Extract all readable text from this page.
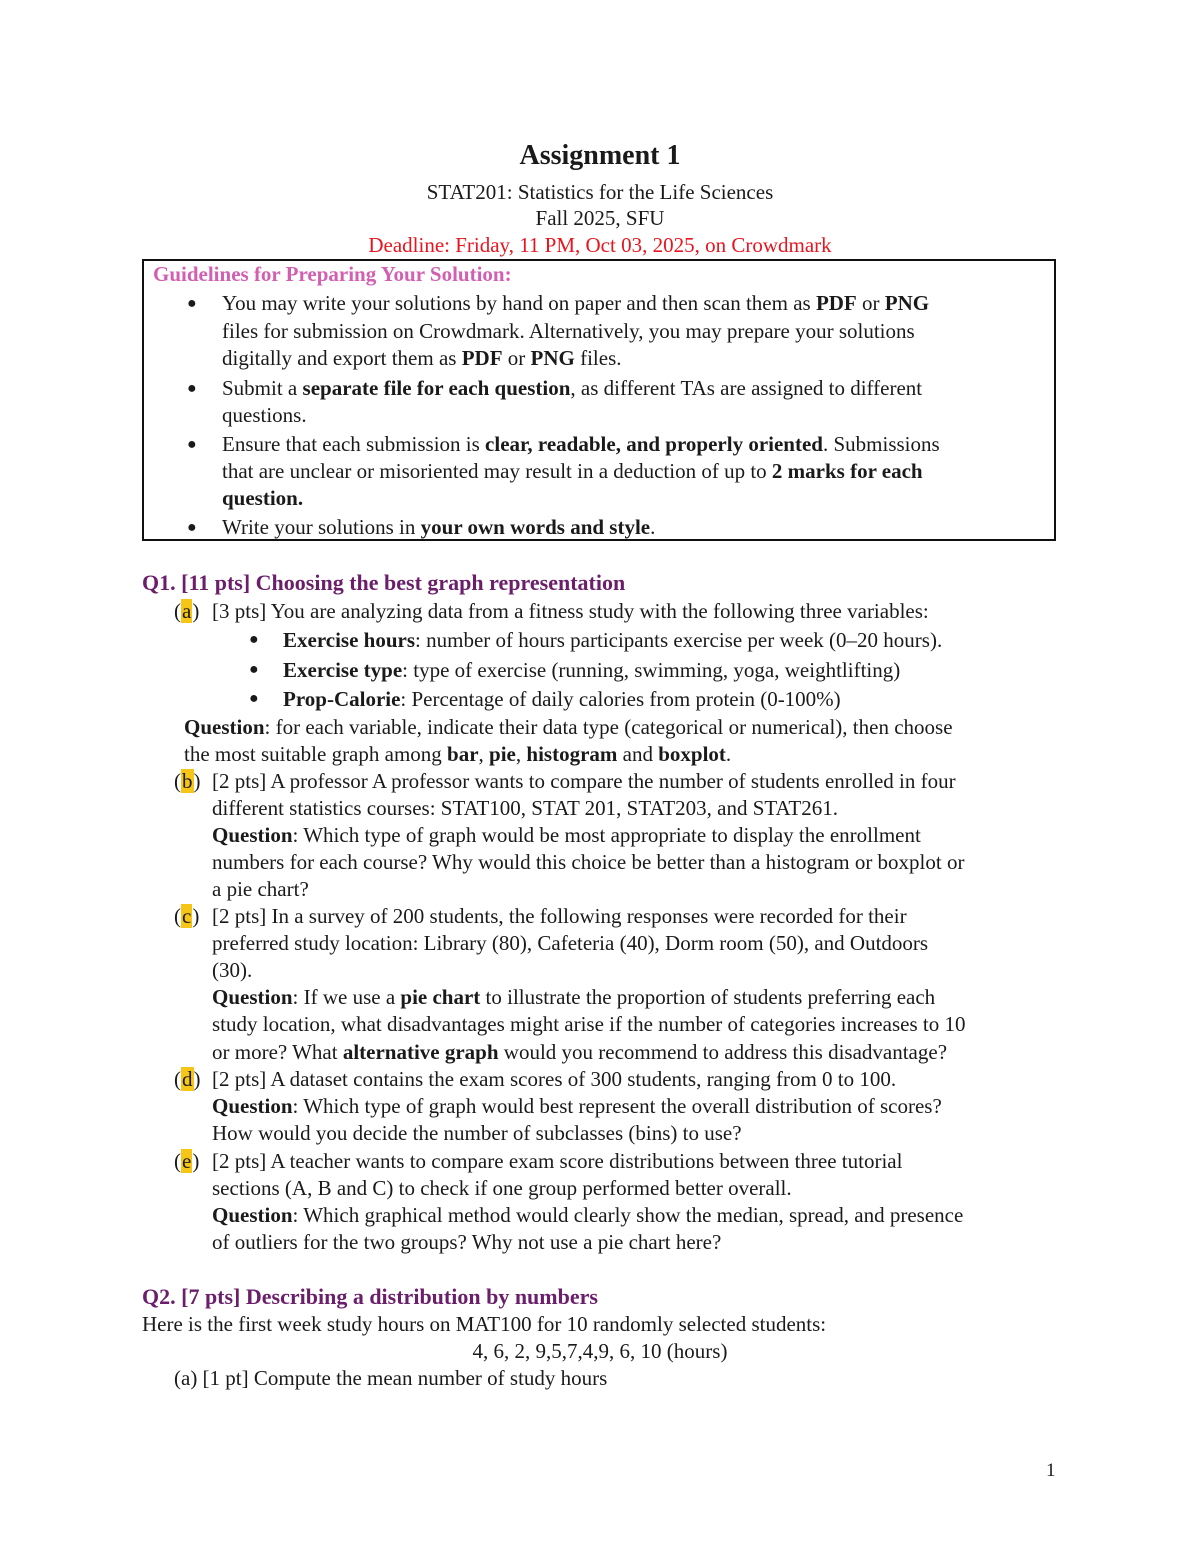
Assignment 1
STAT201: Statistics for the Life Sciences
Fall 2025, SFU
Deadline: Friday, 11 PM, Oct 03, 2025, on Crowdmark
Guidelines for Preparing Your Solution:
● You may write your solutions by hand on paper and then scan them as PDF or PNG
files for submission on Crowdmark. Alternatively, you may prepare your solutions
digitally and export them as PDF or PNG files.
● Submit a separate file for each question, as different TAs are assigned to different
questions.
● Ensure that each submission is clear, readable, and properly oriented. Submissions
that are unclear or misoriented may result in a deduction of up to 2 marks for each
question.
● Write your solutions in your own words and style.
Q1. [11 pts] Choosing the best graph representation
(a) [3 pts] You are analyzing data from a fitness study with the following three variables:
● Exercise hours: number of hours participants exercise per week (0–20 hours).
● Exercise type: type of exercise (running, swimming, yoga, weightlifting)
● Prop-Calorie: Percentage of daily calories from protein (0-100%)
Question: for each variable, indicate their data type (categorical or numerical), then choose
the most suitable graph among bar, pie, histogram and boxplot.
(b) [2 pts] A professor A professor wants to compare the number of students enrolled in four
different statistics courses: STAT100, STAT 201, STAT203, and STAT261.
Question: Which type of graph would be most appropriate to display the enrollment
numbers for each course? Why would this choice be better than a histogram or boxplot or
a pie chart?
(c) [2 pts] In a survey of 200 students, the following responses were recorded for their
preferred study location: Library (80), Cafeteria (40), Dorm room (50), and Outdoors
(30).
Question: If we use a pie chart to illustrate the proportion of students preferring each
study location, what disadvantages might arise if the number of categories increases to 10
or more? What alternative graph would you recommend to address this disadvantage?
(d) [2 pts] A dataset contains the exam scores of 300 students, ranging from 0 to 100.
Question: Which type of graph would best represent the overall distribution of scores?
How would you decide the number of subclasses (bins) to use?
(e) [2 pts] A teacher wants to compare exam score distributions between three tutorial
sections (A, B and C) to check if one group performed better overall.
Question: Which graphical method would clearly show the median, spread, and presence
of outliers for the two groups? Why not use a pie chart here?
Q2. [7 pts] Describing a distribution by numbers
Here is the first week study hours on MAT100 for 10 randomly selected students:
4, 6, 2, 9,5,7,4,9, 6, 10 (hours)
(a) [1 pt] Compute the mean number of study hours
1
